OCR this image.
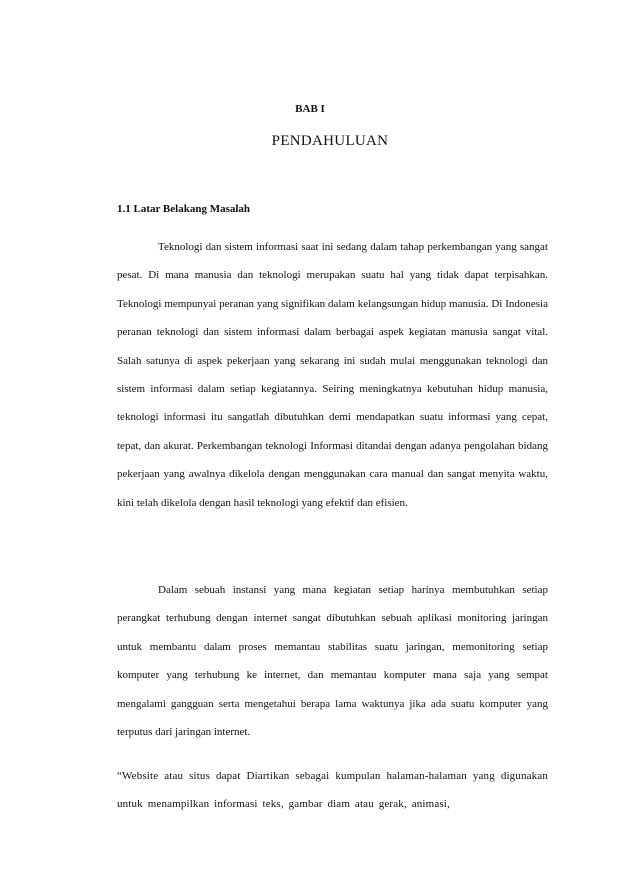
BAB I
PENDAHULUAN
1.1 Latar Belakang Masalah

Teknologi dan sistem informasi saat ini sedang dalam tahap perkembangan yang sangat pesat. Di mana manusia dan teknologi merupakan suatu hal yang tidak dapat terpisahkan. Teknologi mempunyai peranan yang signifikan dalam kelangsungan hidup manusia. Di Indonesia peranan teknologi dan sistem informasi dalam berbagai aspek kegiatan manusia sangat vital. Salah satunya di aspek pekerjaan yang sekarang ini sudah mulai menggunakan teknologi dan sistem informasi dalam setiap kegiatannya. Seiring meningkatnya kebutuhan hidup manusia, teknologi informasi itu sangatlah dibutuhkan demi mendapatkan suatu informasi yang cepat, tepat, dan akurat. Perkembangan teknologi Informasi ditandai dengan adanya pengolahan bidang pekerjaan yang awalnya dikelola dengan menggunakan cara manual dan sangat menyita waktu, kini telah dikelola dengan hasil teknologi yang efektif dan efisien.

Dalam sebuah instansi yang mana kegiatan setiap harinya membutuhkan setiap perangkat terhubung dengan internet sangat dibutuhkan sebuah aplikasi monitoring jaringan untuk membantu dalam proses memantau stabilitas suatu jaringan, memonitoring setiap komputer yang terhubung ke internet, dan memantau komputer mana saja yang sempat mengalami gangguan serta mengetahui berapa lama waktunya jika ada suatu komputer yang terputus dari jaringan internet.

“Website atau situs dapat Diartikan sebagai kumpulan halaman-halaman yang digunakan untuk menampilkan informasi teks, gambar diam atau gerak, animasi,
